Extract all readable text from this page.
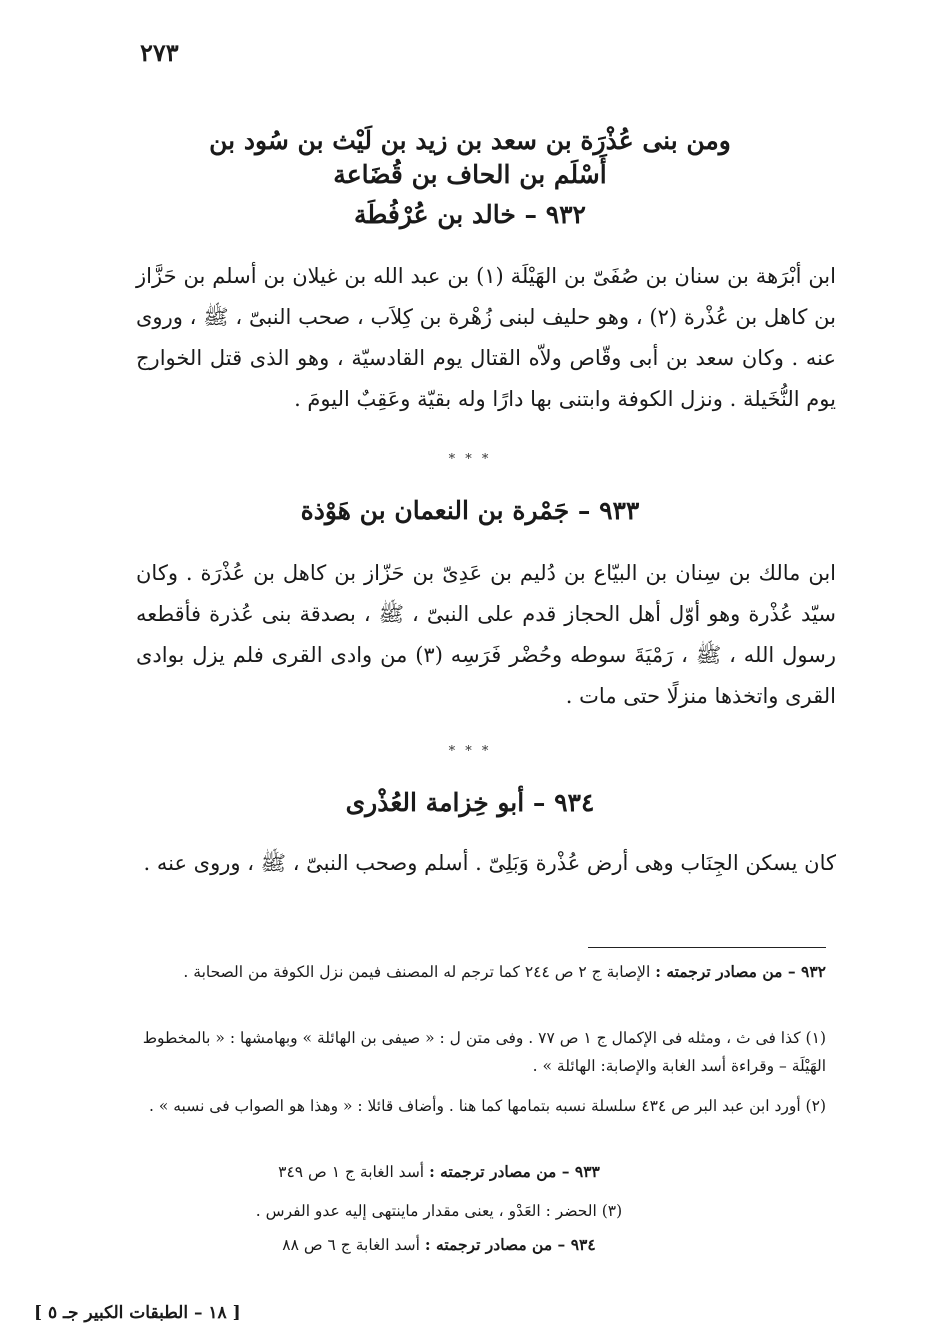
٢٧٣
ومن بنى عُذْرَة بن سعد بن زيد بن لَيْث بن سُود بن
أَسْلَم بن الحاف بن قُضَاعة
٩٣٢ – خالد بن عُرْفُطَة
ابن أبْرَهة بن سنان بن صُفَىّ بن الهَيْلَة (١) بن عبد الله بن غيلان بن أسلم بن حَزَّاز بن كاهل بن عُذْرة (٢) ، وهو حليف لبنى زُهْرة بن كِلاَب ، صحب النبىّ ، ﷺ ، وروى عنه . وكان سعد بن أبى وقّاص ولاّه القتال يوم القادسيّة ، وهو الذى قتل الخوارج يوم النُّخَيلة . ونزل الكوفة وابتنى بها دارًا وله بقيّة وعَقِبٌ اليومَ .
* * *
٩٣٣ – جَمْرة بن النعمان بن هَوْذة
ابن مالك بن سِنان بن البيّاع بن دُليم بن عَدِىّ بن حَزّاز بن كاهل بن عُذْرَة . وكان سيّد عُذْرة وهو أوّل أهل الحجاز قدم على النبىّ ، ﷺ ، بصدقة بنى عُذرة فأقطعه رسول الله ، ﷺ ، رَمْيَةَ سوطه وحُضْر فَرَسِه (٣) من وادى القرى فلم يزل بوادى القرى واتخذها منزلًا حتى مات .
* * *
٩٣٤ – أبو خِزامة العُذْرى
كان يسكن الجِنَاب وهى أرض عُذْرة وَبَلِىّ . أسلم وصحب النبىّ ، ﷺ ، وروى عنه .
٩٣٢ – من مصادر ترجمته : الإصابة ج ٢ ص ٢٤٤ كما ترجم له المصنف فيمن نزل الكوفة من الصحابة .
(١) كذا فى ث ، ومثله فى الإكمال ج ١ ص ٧٧ . وفى متن ل : « صيفى بن الهائلة » وبهامشها : « بالمخطوط الهَيْلَة – وقراءة أسد الغابة والإصابة: الهائلة » .
(٢) أورد ابن عبد البر ص ٤٣٤ سلسلة نسبه بتمامها كما هنا . وأضاف قائلا : « وهذا هو الصواب فى نسبه » .
٩٣٣ – من مصادر ترجمته : أسد الغابة ج ١ ص ٣٤٩
(٣) الحضر : العَدْو ، يعنى مقدار ماينتهى إليه عدو الفرس .
٩٣٤ – من مصادر ترجمته : أسد الغابة ج ٦ ص ٨٨
[ ١٨ – الطبقات الكبير جـ ٥ ]
